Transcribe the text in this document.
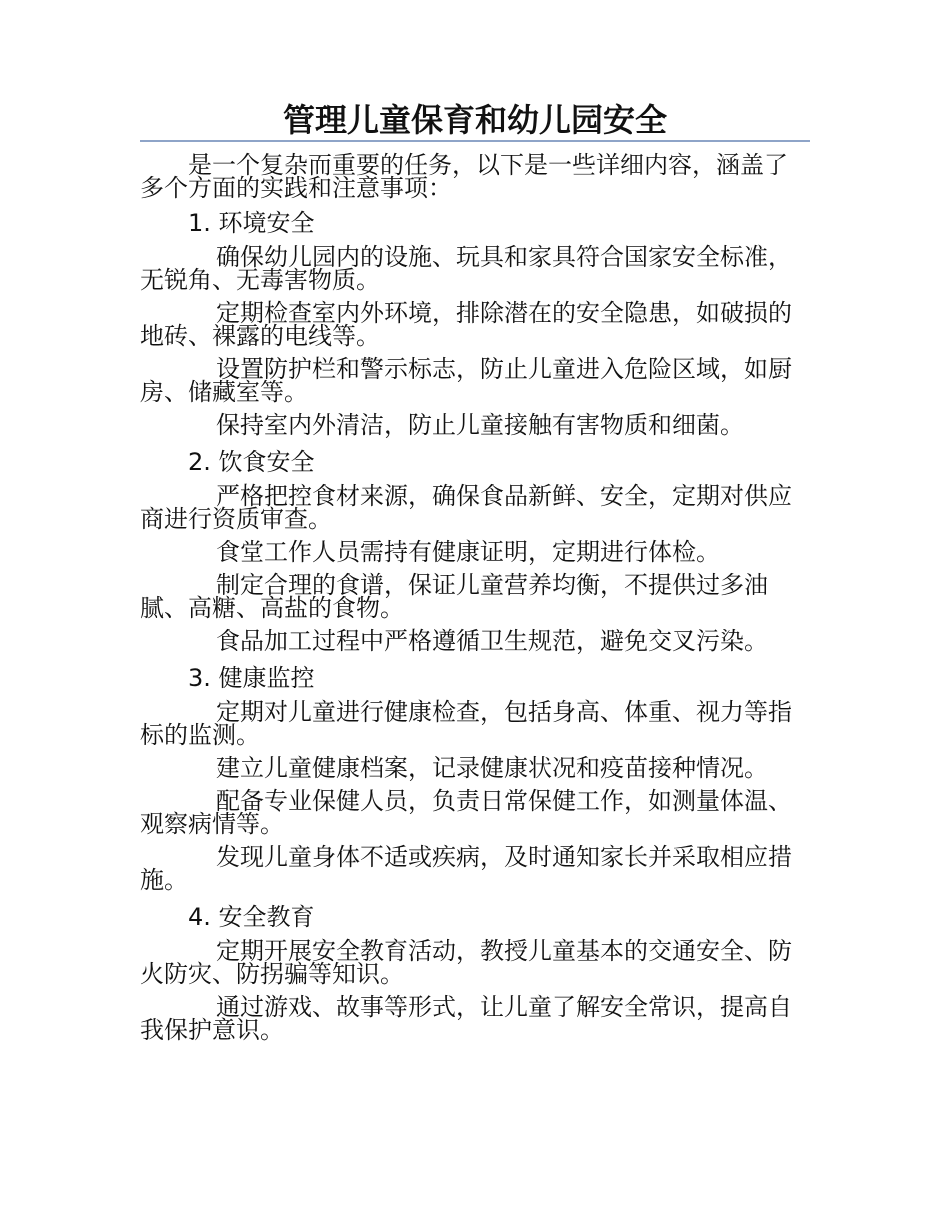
管理儿童保育和幼儿园安全

是一个复杂而重要的任务，以下是一些详细内容，涵盖了多个方面的实践和注意事项：

1. 环境安全

确保幼儿园内的设施、玩具和家具符合国家安全标准，无锐角、无毒害物质。

定期检查室内外环境，排除潜在的安全隐患，如破损的地砖、裸露的电线等。

设置防护栏和警示标志，防止儿童进入危险区域，如厨房、储藏室等。

保持室内外清洁，防止儿童接触有害物质和细菌。

2. 饮食安全

严格把控食材来源，确保食品新鲜、安全，定期对供应商进行资质审查。

食堂工作人员需持有健康证明，定期进行体检。

制定合理的食谱，保证儿童营养均衡，不提供过多油腻、高糖、高盐的食物。

食品加工过程中严格遵循卫生规范，避免交叉污染。

3. 健康监控

定期对儿童进行健康检查，包括身高、体重、视力等指标的监测。

建立儿童健康档案，记录健康状况和疫苗接种情况。

配备专业保健人员，负责日常保健工作，如测量体温、观察病情等。

发现儿童身体不适或疾病，及时通知家长并采取相应措施。

4. 安全教育

定期开展安全教育活动，教授儿童基本的交通安全、防火防灾、防拐骗等知识。

通过游戏、故事等形式，让儿童了解安全常识，提高自我保护意识。
